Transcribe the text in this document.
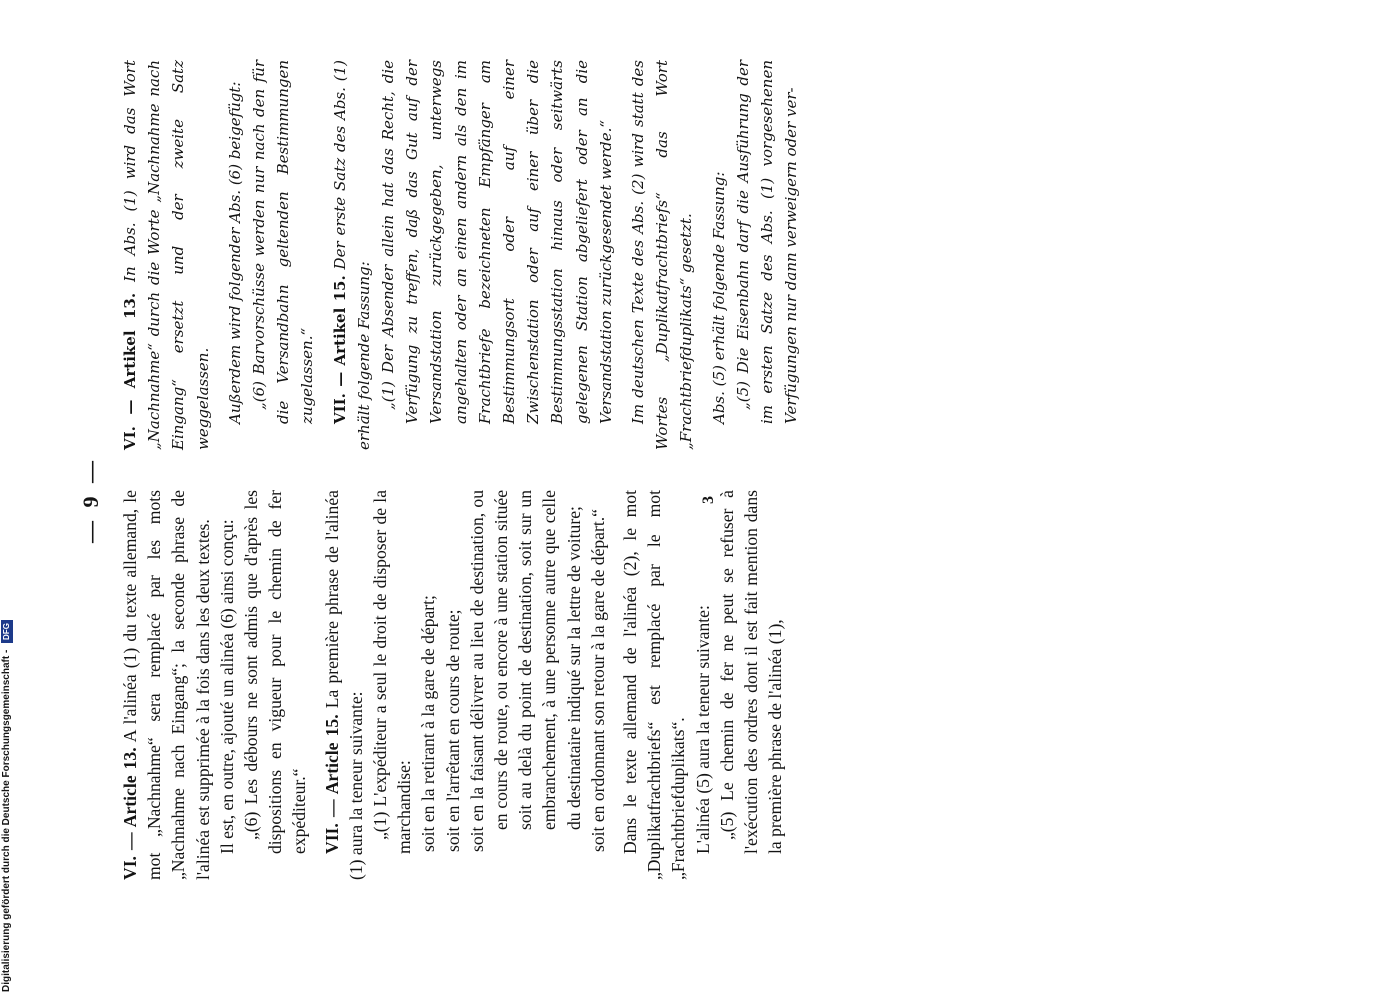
— 9 —

VI. — Article 13. A l'alinéa (1) du texte allemand, le mot „Nachnahme“ sera remplacé par les mots „Nachnahme nach Eingang“; la seconde phrase de l'alinéa est supprimée à la fois dans les deux textes. Il est, en outre, ajouté un alinéa (6) ainsi conçu: „(6) Les débours ne sont admis que d'après les dispositions en vigueur pour le chemin de fer expéditeur.“ VII. — Article 15. La première phrase de l'alinéa (1) aura la teneur suivante: „(1) L'expéditeur a seul le droit de disposer de la marchandise: soit en la retirant à la gare de départ; soit en l'arrêtant en cours de route; soit en la faisant délivrer au lieu de destination, ou en cours de route, ou encore à une station située soit au delà du point de destination, soit sur un embranchement, à une personne autre que celle du destinataire indiqué sur la lettre de voiture; soit en ordonnant son retour à la gare de départ.“ Dans le texte allemand de l'alinéa (2), le mot „Duplikatfrachtbriefs“ est remplacé par le mot „Frachtbriefduplikats“. L'alinéa (5) aura la teneur suivante: „(5) Le chemin de fer ne peut se refuser à l'exécution des ordres dont il est fait mention dans la première phrase de l'alinéa (1),

VI. — Artikel 13. In Abs. (1) wird das Wort „Nachnahme“ durch die Worte „Nachnahme nach Eingang“ ersetzt und der zweite Satz weggelassen. Außerdem wird folgender Abs. (6) beigefügt: „(6) Barvorschüsse werden nur nach den für die Versandbahn geltenden Bestimmungen zugelassen.“ VII. — Artikel 15. Der erste Satz des Abs. (1) erhält folgende Fassung: „(1) Der Absender allein hat das Recht, die Verfügung zu treffen, daß das Gut auf der Versandstation zurückgegeben, unterwegs angehalten oder an einen andern als den im Frachtbriefe bezeichneten Empfänger am Bestimmungsort oder auf einer Zwischenstation oder auf einer über die Bestimmungsstation hinaus oder seitwärts gelegenen Station abgeliefert oder an die Versandstation zurückgesendet werde.“ Im deutschen Texte des Abs. (2) wird statt des Wortes „Duplikatfrachtbriefs“ das Wort „Frachtbriefduplikats“ gesetzt. Abs. (5) erhält folgende Fassung: „(5) Die Eisenbahn darf die Ausführung der im ersten Satze des Abs. (1) vorgesehenen Verfügungen nur dann verweigern oder ver-

3
Digitalisierung gefördert durch die Deutsche Forschungsgemeinschaft - DFG
